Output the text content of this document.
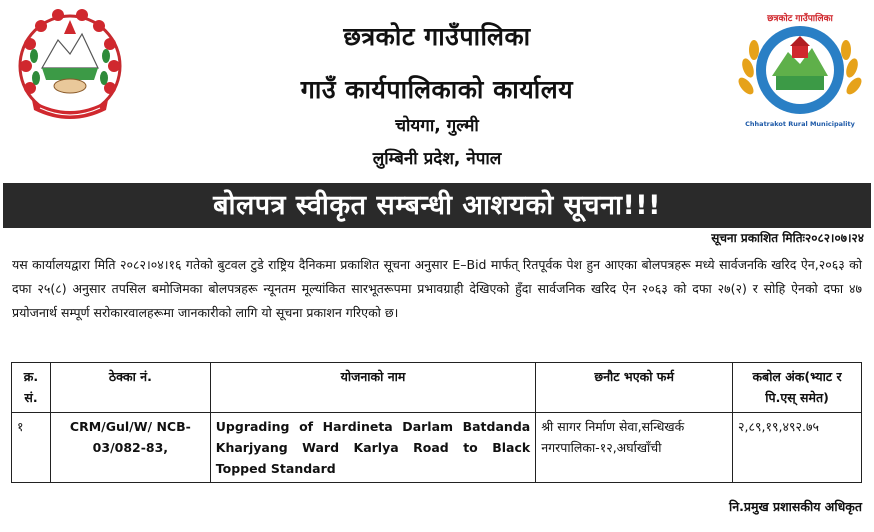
छत्रकोट गाउँपालिका
Chhatrakot Rural Municipality
छत्रकोट गाउँपालिका
गाउँ कार्यपालिकाको कार्यालय
चोयगा, गुल्मी
लुम्बिनी प्रदेश, नेपाल
बोलपत्र स्वीकृत सम्बन्धी आशयको सूचना!!!
सूचना प्रकाशित मितिः२०८२।०७।२४
यस कार्यालयद्वारा मिति २०८२।०४।१६ गतेको बुटवल टुडे राष्ट्रिय दैनिकमा प्रकाशित सूचना अनुसार E–Bid मार्फत् रितपूर्वक पेश हुन आएका बोलपत्रहरू मध्ये सार्वजनकि खरिद ऐन,२०६३ को दफा २५(८) अनुसार तपसिल बमोजिमका बोलपत्रहरू न्यूनतम मूल्यांकित सारभूतरूपमा प्रभावग्राही देखिएको हुँदा सार्वजनिक खरिद ऐन २०६३ को दफा २७(२) र सोहि ऐनको दफा ४७ प्रयोजनार्थ सम्पूर्ण सरोकारवालहरूमा जानकारीको लागि यो सूचना प्रकाशन गरिएको छ।
क्र. सं.	ठेक्का नं.	योजनाको नाम	छनौट भएको फर्म	कबोल अंक(भ्याट र पि.एस् समेत)
१	CRM/Gul/W/ NCB-03/082-83,	Upgrading of Hardineta Darlam Batdanda Kharjyang Ward Karlya Road to Black Topped Standard	श्री सागर निर्माण सेवा,सन्धिखर्क नगरपालिका-१२,अर्घाखाँची	२,८९,१९,४९२.७५
नि.प्रमुख प्रशासकीय अधिकृत
